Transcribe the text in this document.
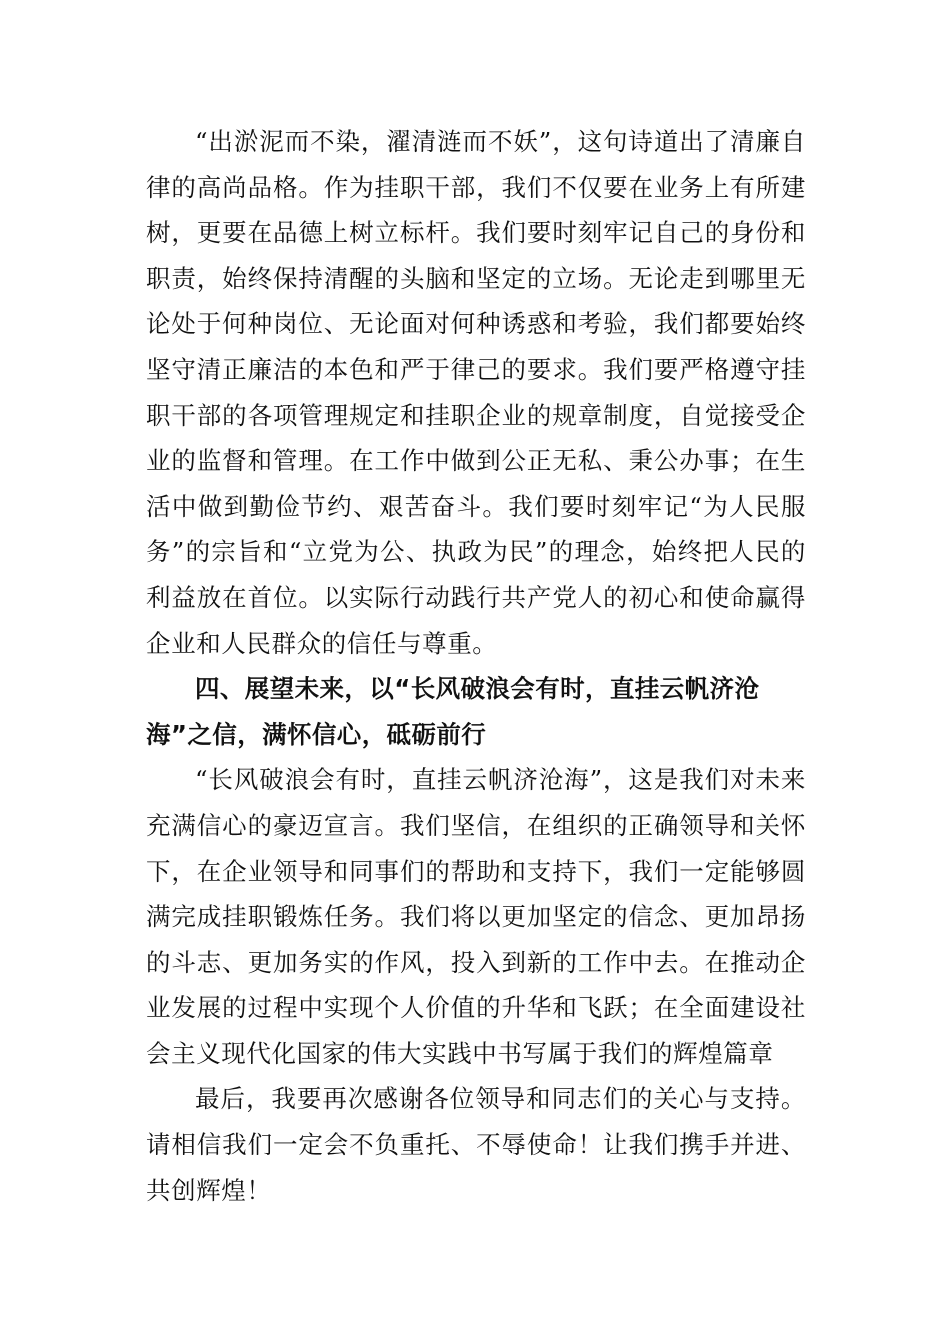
“出淤泥而不染，濯清涟而不妖”，这句诗道出了清廉自律的高尚品格。作为挂职干部，我们不仅要在业务上有所建树，更要在品德上树立标杆。我们要时刻牢记自己的身份和职责，始终保持清醒的头脑和坚定的立场。无论走到哪里无论处于何种岗位、无论面对何种诱惑和考验，我们都要始终坚守清正廉洁的本色和严于律己的要求。我们要严格遵守挂职干部的各项管理规定和挂职企业的规章制度，自觉接受企业的监督和管理。在工作中做到公正无私、秉公办事；在生活中做到勤俭节约、艰苦奋斗。我们要时刻牢记“为人民服务”的宗旨和“立党为公、执政为民”的理念，始终把人民的利益放在首位。以实际行动践行共产党人的初心和使命赢得企业和人民群众的信任与尊重。

四、展望未来，以“长风破浪会有时，直挂云帆济沧海”之信，满怀信心，砥砺前行

“长风破浪会有时，直挂云帆济沧海”，这是我们对未来充满信心的豪迈宣言。我们坚信，在组织的正确领导和关怀下，在企业领导和同事们的帮助和支持下，我们一定能够圆满完成挂职锻炼任务。我们将以更加坚定的信念、更加昂扬的斗志、更加务实的作风，投入到新的工作中去。在推动企业发展的过程中实现个人价值的升华和飞跃；在全面建设社会主义现代化国家的伟大实践中书写属于我们的辉煌篇章

最后，我要再次感谢各位领导和同志们的关心与支持。请相信我们一定会不负重托、不辱使命！让我们携手并进、共创辉煌！
